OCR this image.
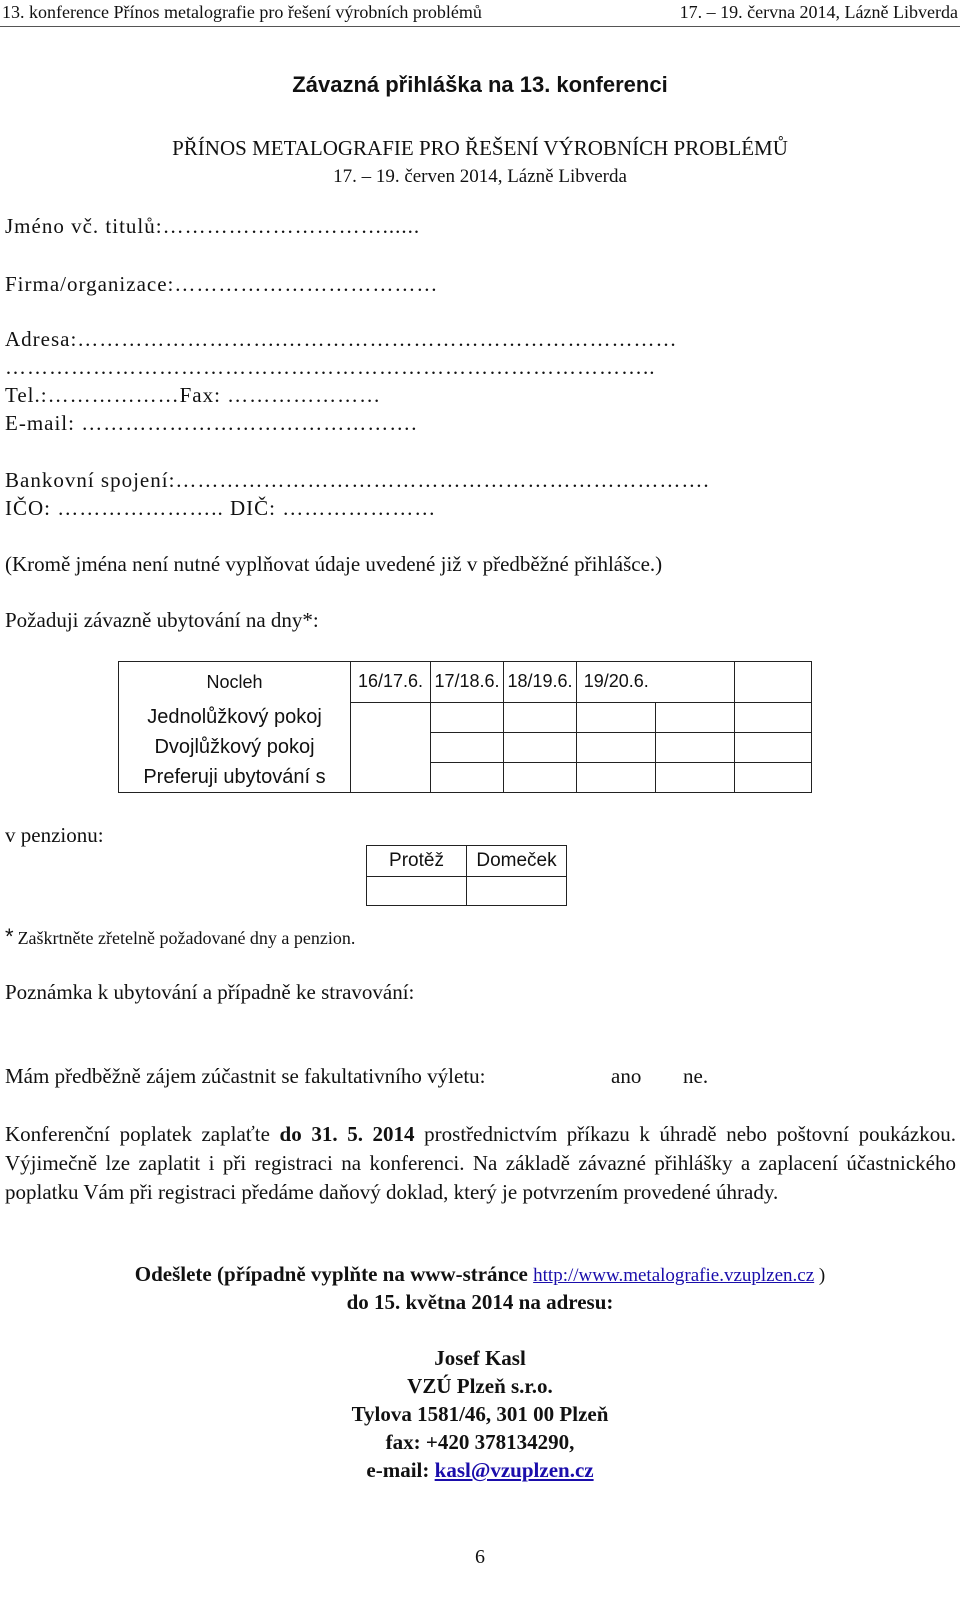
13. konference Přínos metalografie pro řešení výrobních problémů	17. – 19. června 2014, Lázně Libverda
Závazná přihláška na 13. konferenci
PŘÍNOS METALOGRAFIE PRO ŘEŠENÍ VÝROBNÍCH PROBLÉMŮ
17. – 19. červen 2014, Lázně Libverda
Jméno vč. titulů:…………………………......
Firma/organizace:………………………………
Adresa:……………………….………………………………………………
……………………………………………………………………………..
Tel.:………………Fax: …………………
E-mail: ……………………………………….
Bankovní spojení:……………………………………………………………….
IČO: ………………….. DIČ: …………………
(Kromě jména není nutné vyplňovat údaje uvedené již v předběžné přihlášce.)
Požaduji závazně ubytování na dny*:
Nocleh	16/17.6.	17/18.6.	18/19.6.	19/20.6.		
Jednolůžkový pokoj						
Dvojlůžkový pokoj						
Preferuji ubytování s						
v penzionu:
Protěž	Domeček

* Zaškrtněte zřetelně požadované dny a penzion.
Poznámka k ubytování a případně ke stravování:
Mám předběžně zájem zúčastnit se fakultativního výletu:	ano ne.
Konferenční poplatek zaplaťte do 31. 5. 2014 prostřednictvím příkazu k úhradě nebo poštovní poukázkou. Výjimečně lze zaplatit i při registraci na konferenci. Na základě závazné přihlášky a zaplacení účastnického poplatku Vám při registraci předáme daňový doklad, který je potvrzením provedené úhrady.
Odešlete (případně vyplňte na www-stránce http://www.metalografie.vzuplzen.cz )
do 15. května 2014 na adresu:
Josef Kasl
VZÚ Plzeň s.r.o.
Tylova 1581/46, 301 00 Plzeň
fax: +420 378134290,
e-mail: kasl@vzuplzen.cz
6
